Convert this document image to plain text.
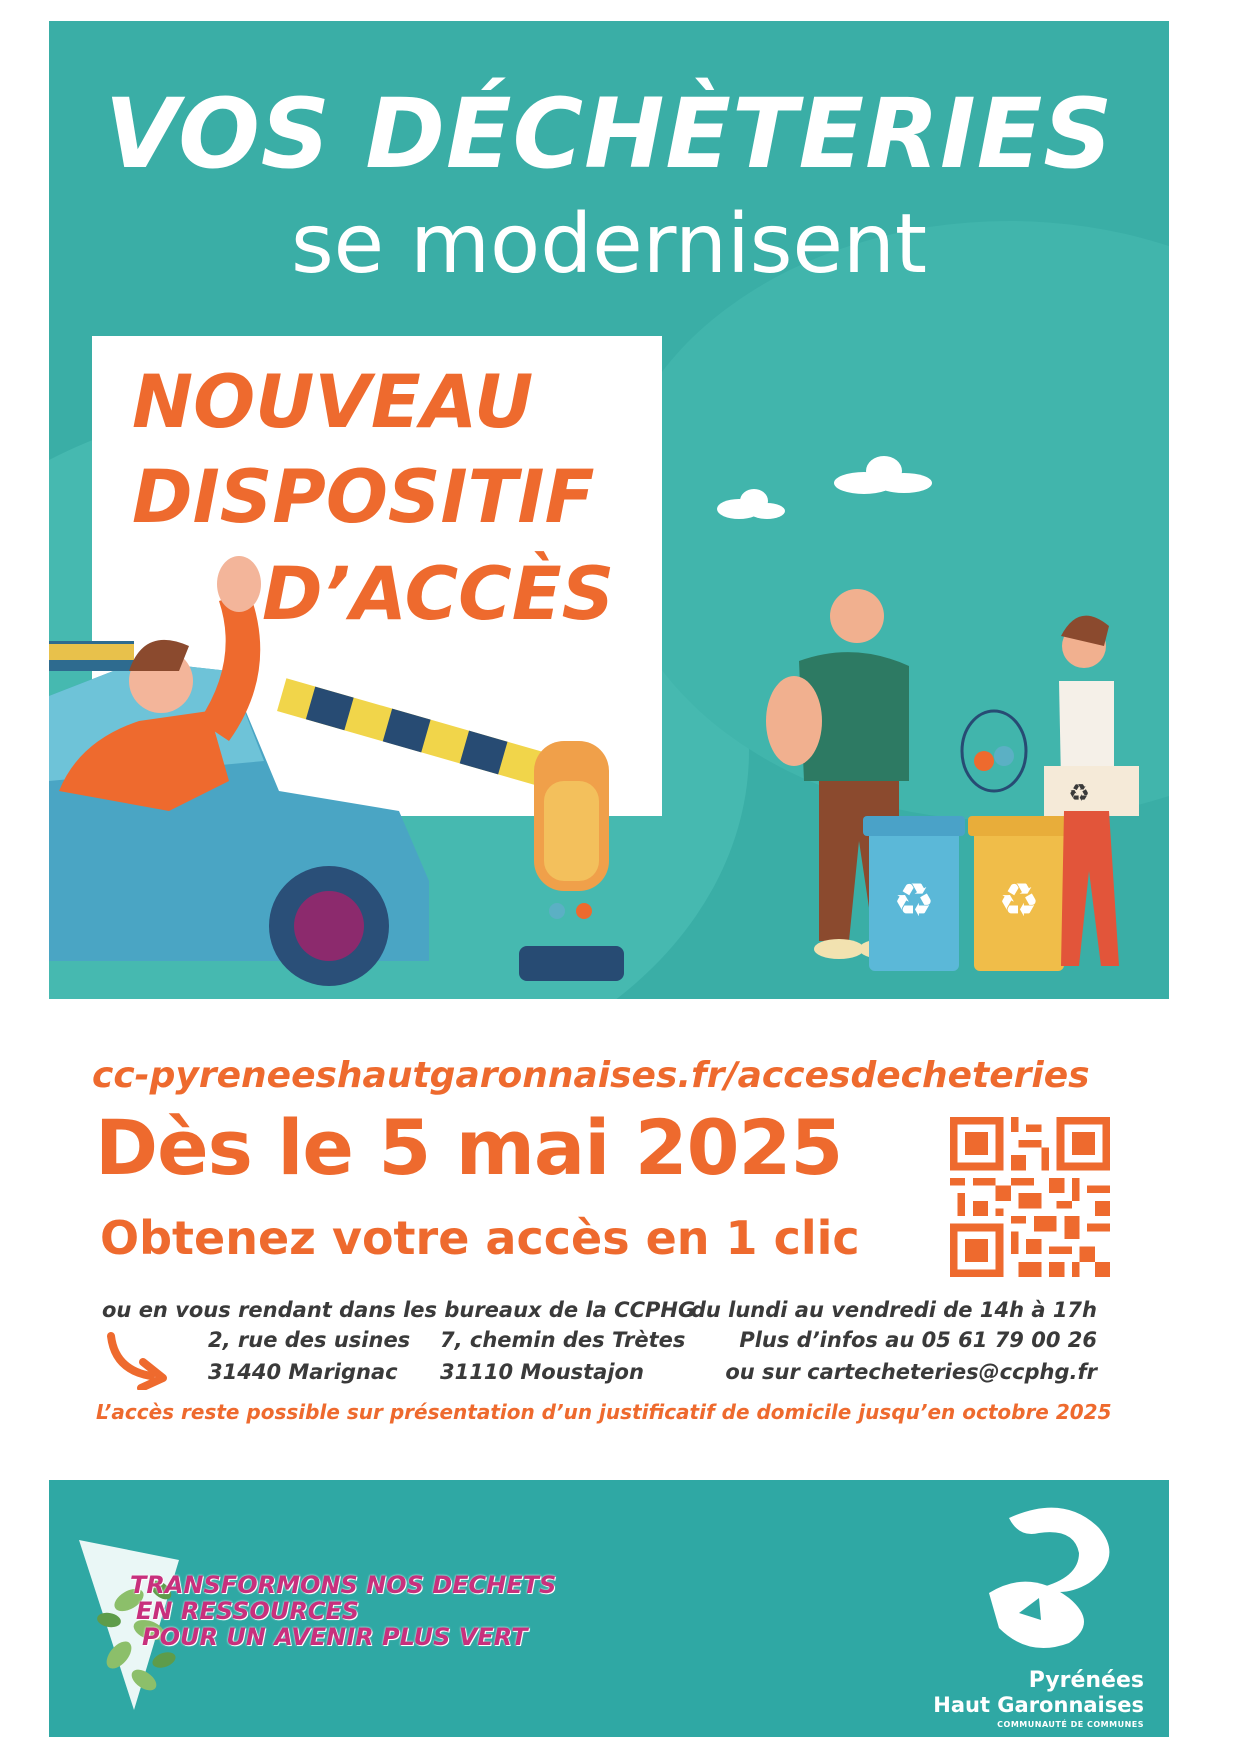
VOS DÉCHÈTERIES
se modernisent
NOUVEAU
DISPOSITIF
D’ACCÈS
♻ ♻
♻
cc-pyreneeshautgaronnaises.fr/accesdecheteries
Dès le 5 mai 2025
Obtenez votre accès en 1 clic
ou en vous rendant dans les bureaux de la CCPHG
2, rue des usines
31440 Marignac
7, chemin des Trètes
31110 Moustajon
du lundi au vendredi de 14h à 17h
Plus d’infos au 05 61 79 00 26
ou sur cartecheteries@ccphg.fr
L’accès reste possible sur présentation d’un justificatif de domicile jusqu’en octobre 2025
TRANSFORMONS NOS DECHETS
EN RESSOURCES
POUR UN AVENIR PLUS VERT
Pyrénées
Haut Garonnaises
COMMUNAUTÉ DE COMMUNES
